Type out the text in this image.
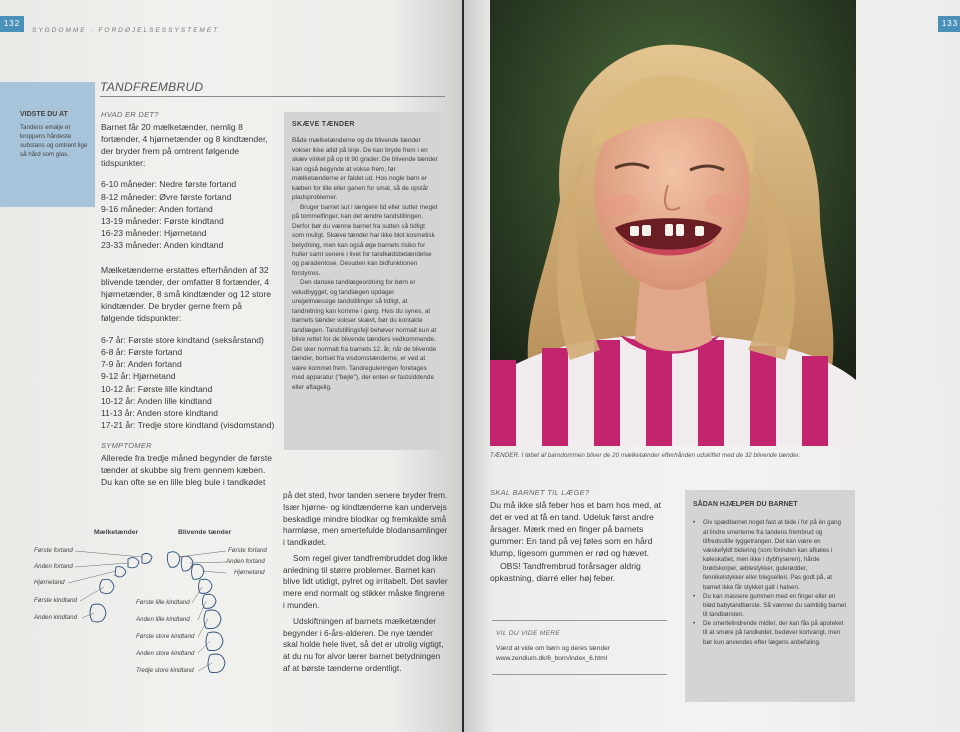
132
SYGDOMME · FORDØJELSESSYSTEMET
TANDFREMBRUD
VIDSTE DU AT
Tandens emalje er kroppens hårdeste substans og omtrent lige så hård som glas.
HVAD ER DET?

Barnet får 20 mælketænder, nemlig 8 fortænder, 4 hjørnetænder og 8 kindtænder, der bryder frem på omtrent følgende tidspunkter:

6-10 måneder: Nedre første fortand
8-12 måneder: Øvre første fortand
9-16 måneder: Anden fortand
13-19 måneder: Første kindtand
16-23 måneder: Hjørnetand
23-33 måneder: Anden kindtand

Mælketænderne erstattes efterhånden af 32 blivende tænder, der omfatter 8 fortænder, 4 hjørnetænder, 8 små kindtænder og 12 store kindtænder. De bryder gerne frem på følgende tidspunkter:

6-7 år: Første store kindtand (seksårstand)
6-8 år: Første fortand
7-9 år: Anden fortand
9-12 år: Hjørnetand
10-12 år: Første lille kindtand
10-12 år: Anden lille kindtand
11-13 år: Anden store kindtand
17-21 år: Tredje store kindtand (visdomstand)
SYMPTOMER

Allerede fra tredje måned begynder de første tænder at skubbe sig frem gennem kæben. Du kan ofte se en lille bleg bule i tandkødet

SKÆVE TÆNDER

Både mælketænderne og de blivende tænder vokser ikke altid på linje. De kan bryde frem i en skæv vinkel på op til 90 grader. De blivende tænder kan også begynde at vokse frem, før mælketænderne er faldet ud. Hos nogle børn er kæben for lille eller ganen for smal, så de opstår pladsproblemer.

Bruger barnet sut i længere tid eller sutter meget på tommelfinger, kan det ændre tandstillingen. Derfor bør du vænne barnet fra sutten så tidligt som muligt. Skæve tænder har ikke blot kosmetisk betydning, men kan også øge barnets risiko for huller samt senere i livet for tandkødsbetændelse og paradentose. Desuden kan bidfunktionen forstyrres.

Den danske tandlægeordning for børn er veludbygget, og tandlægen opdager uregelmæssige tandstillinger så tidligt, at tandretning kan komme i gang. Hvis du synes, at barnets tænder vokser skævt, bør du kontakte tandlægen. Tandstillingsfejl behøver normalt kun at blive rettet for de blivende tænders vedkommende. Det sker normalt fra barnets 12. år, når de blivende tænder, bortset fra visdomstænderne, er ved at være kommet frem. Tandreguleringen foretages med apparatur ("bøjle"), der enten er fastsiddende eller aftagelig.

på det sted, hvor tanden senere bryder frem. Især hjørne- og kindtænderne kan undervejs beskadige mindre blodkar og fremkalde små harmløse, men smertefulde blodansamlinger i tandkødet.

Som regel giver tandfrembruddet dog ikke anledning til større problemer. Barnet kan blive lidt utidigt, pylret og irritabelt. Det savler mere end normalt og stikker måske fingrene i munden.

Udskiftningen af barnets mælketænder begynder i 6-års-alderen. De nye tænder skal holde hele livet, så det er utrolig vigtigt, at du nu for alvor lærer barnet betydningen af at børste tænderne ordentligt.

Mælketænder	Blivende tænder
Første fortand
Anden fortand
Hjørnetand
Første kindtand
Anden kindtand
Første fortand
Anden fortand
Hjørnetand
Første lille kindtand
Anden lille kindtand
Første store kindtand
Anden store kindtand
Tredje store kindtand
133
TÆNDER. I løbet af barndommen bliver de 20 mælketænder efterhånden udskiftet med de 32 blivende tænder.
SKAL BARNET TIL LÆGE?

Du må ikke slå feber hos et barn hos med, at det er ved at få en tand. Udeluk først andre årsager. Mærk med en finger på barnets gummer: En tand på vej føles som en hård klump, ligesom gummen er rød og hævet.

OBS! Tandfrembrud forårsager aldrig opkastning, diarré eller høj feber.

VIL DU VIDE MERE
Værd at vide om børn og deres tænder
www.zendium.dk/6_born/index_6.html
SÅDAN HJÆLPER DU BARNET
• Giv spædbarnet noget fast at bide i for på én gang at lindre smerterne fra tandens frembrud og tilfredsstille tyggetrangen. Det kan være en væskefyldt bidering (som forinden kan afkøles i køleskabet, men ikke i dybfryseren), hårde brødskorper, æblestykker, gulerødder, fennikelstykker eller blegselleri. Pas godt på, at barnet ikke får stykket galt i halsen.
• Du kan massere gummen med en finger eller en blød babytandbørste. Så vænner du samtidig barnet til tandbørsten.
• De smertelindrende midler, der kan fås på apoteket til at smøre på tandkødet, bedøver kortvarigt, men bør kun anvendes efter lægens anbefaling.
